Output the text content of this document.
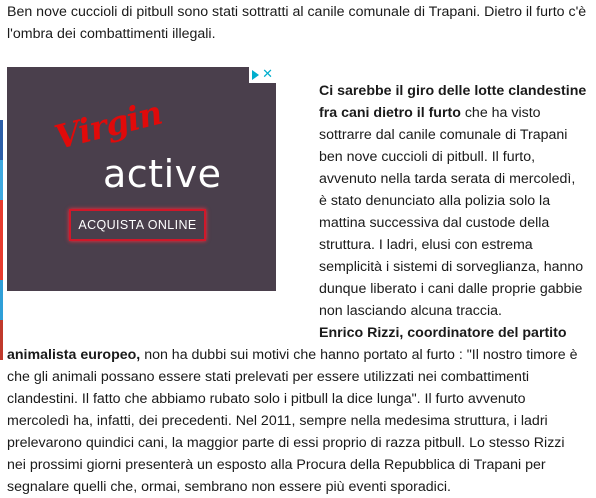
Ben nove cuccioli di pitbull sono stati sottratti al canile comunale di Trapani. Dietro il furto c'è l'ombra dei combattimenti illegali.

✕
Virgin
active
ACQUISTA ONLINE

Ci sarebbe il giro delle lotte clandestine fra cani dietro il furto che ha visto sottrarre dal canile comunale di Trapani ben nove cuccioli di pitbull. Il furto, avvenuto nella tarda serata di mercoledì, è stato denunciato alla polizia solo la mattina successiva dal custode della struttura. I ladri, elusi con estrema semplicità i sistemi di sorveglianza, hanno dunque liberato i cani dalle proprie gabbie non lasciando alcuna traccia.

Enrico Rizzi, coordinatore del partito animalista europeo, non ha dubbi sui motivi che hanno portato al furto : "Il nostro timore è che gli animali possano essere stati prelevati per essere utilizzati nei combattimenti clandestini. Il fatto che abbiamo rubato solo i pitbull la dice lunga". Il furto avvenuto mercoledì ha, infatti, dei precedenti. Nel 2011, sempre nella medesima struttura, i ladri prelevarono quindici cani, la maggior parte di essi proprio di razza pitbull. Lo stesso Rizzi nei prossimi giorni presenterà un esposto alla Procura della Repubblica di Trapani per segnalare quelli che, ormai, sembrano non essere più eventi sporadici.
